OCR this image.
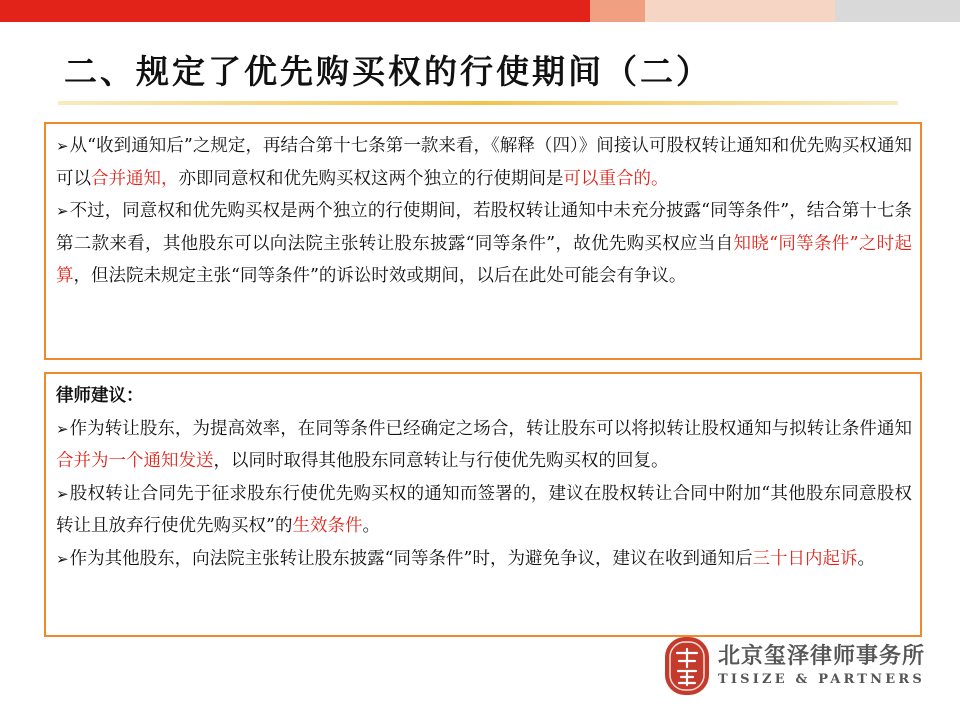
二、规定了优先购买权的行使期间（二）

➢从“收到通知后”之规定，再结合第十七条第一款来看，《解释（四）》间接认可股权转让通知和优先购买权通知可以合并通知，亦即同意权和优先购买权这两个独立的行使期间是可以重合的。

➢不过，同意权和优先购买权是两个独立的行使期间，若股权转让通知中未充分披露“同等条件”，结合第十七条第二款来看，其他股东可以向法院主张转让股东披露“同等条件”，故优先购买权应当自知晓“同等条件”之时起算，但法院未规定主张“同等条件”的诉讼时效或期间，以后在此处可能会有争议。

律师建议：

➢作为转让股东，为提高效率，在同等条件已经确定之场合，转让股东可以将拟转让股权通知与拟转让条件通知合并为一个通知发送，以同时取得其他股东同意转让与行使优先购买权的回复。

➢股权转让合同先于征求股东行使优先购买权的通知而签署的，建议在股权转让合同中附加“其他股东同意股权转让且放弃行使优先购买权”的生效条件。

➢作为其他股东，向法院主张转让股东披露“同等条件”时，为避免争议，建议在收到通知后三十日内起诉。

北京玺泽律师事务所
TISIZE & PARTNERS
